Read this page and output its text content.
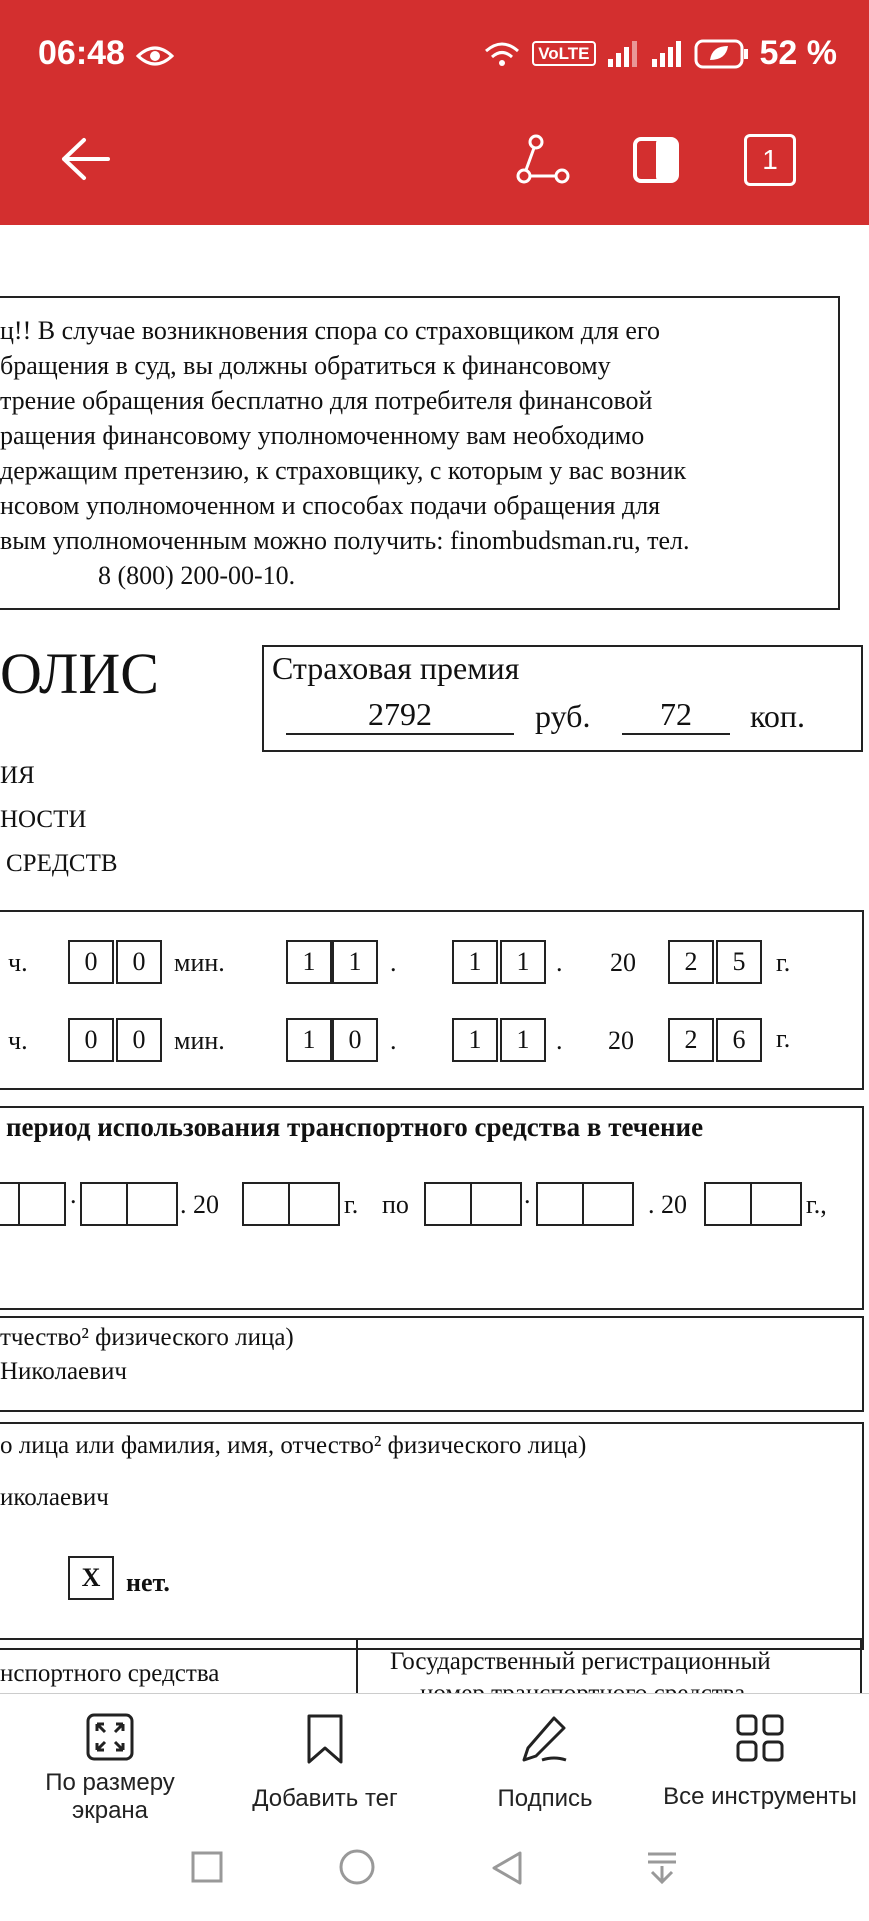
06:48	VoLTE	52 %
1
ц!! В случае возникновения спора со страховщиком для его
бращения в суд, вы должны обратиться к финансовому
трение обращения бесплатно для потребителя финансовой
ращения финансовому уполномоченному вам необходимо
держащим претензию, к страховщику, с которым у вас возник
нсовом уполномоченном и способах подачи обращения для
вым уполномоченным можно получить: finombudsman.ru, тел.
8 (800) 200-00-10.
ОЛИС
ИЯ
НОСТИ
СРЕДСТВ
Страховая премия
2792	руб.	72	коп.
ч.	0	0	мин.	1	1	.	1	1	. 20	2	5	г.
ч.	0	0	мин.	1	0	.	1	1	. 20	2	6	г.
период использования транспортного средства в течение
.	. 20	г. по	.	. 20	г.,
тчество² физического лица)
Николаевич
о лица или фамилия, имя, отчество² физического лица)
иколаевич
X нет.
нспортного средства	Государственный регистрационный
По размеру
экрана	Добавить тег	Подпись	Все инструменты
